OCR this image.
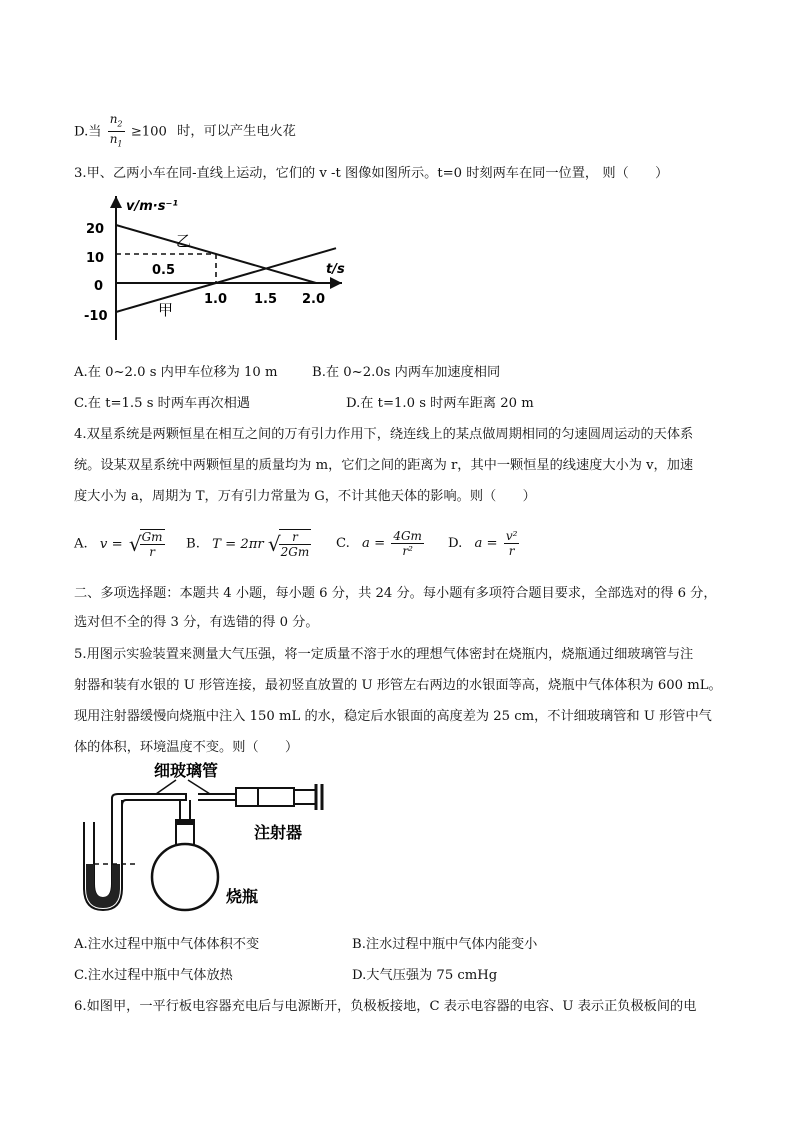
D.当 $\frac{n_2}{n_1} \ge 100$ 时，可以产生电火花
3.甲、乙两小车在同-直线上运动，它们的 v -t 图像如图所示。t=0 时刻两车在同一位置， 则（　　）
v/m·s⁻¹
t/s
20
10
0
-10
0.5
1.0 1.5 2.0
乙
甲
A.在 0~2.0 s 内甲车位移为 10 m	B.在 0~2.0s 内两车加速度相同
C.在 t=1.5 s 时两车再次相遇	D.在 t=1.0 s 时两车距离 20 m
4.双星系统是两颗恒星在相互之间的万有引力作用下，绕连线上的某点做周期相同的匀速圆周运动的天体系
统。设某双星系统中两颗恒星的质量均为 m，它们之间的距离为 r，其中一颗恒星的线速度大小为 v，加速
度大小为 a，周期为 T，万有引力常量为 G，不计其他天体的影响。则（　　）
A. v = √
$\frac{Gm}{r} B$. T = 2πr √
$\frac{r}{2Gm} C$. $a = \frac{4Gm}{\text{r²}} D$. $a = \frac{\text{v²}}{r}$
二、多项选择题：本题共 4 小题，每小题 6 分，共 24 分。每小题有多项符合题目要求，全部选对的得 6 分，
选对但不全的得 3 分，有选错的得 0 分。
5.用图示实验装置来测量大气压强，将一定质量不溶于水的理想气体密封在烧瓶内，烧瓶通过细玻璃管与注
射器和装有水银的 U 形管连接，最初竖直放置的 U 形管左右两边的水银面等高，烧瓶中气体体积为 600 mL。
现用注射器缓慢向烧瓶中注入 150 mL 的水，稳定后水银面的高度差为 25 cm，不计细玻璃管和 U 形管中气
体的体积，环境温度不变。则（　　）
细玻璃管
注射器
烧瓶
A.注水过程中瓶中气体体积不变	B.注水过程中瓶中气体内能变小
C.注水过程中瓶中气体放热	D.大气压强为 75 cmHg
6.如图甲，一平行板电容器充电后与电源断开，负极板接地，C 表示电容器的电容、U 表示正负极板间的电
